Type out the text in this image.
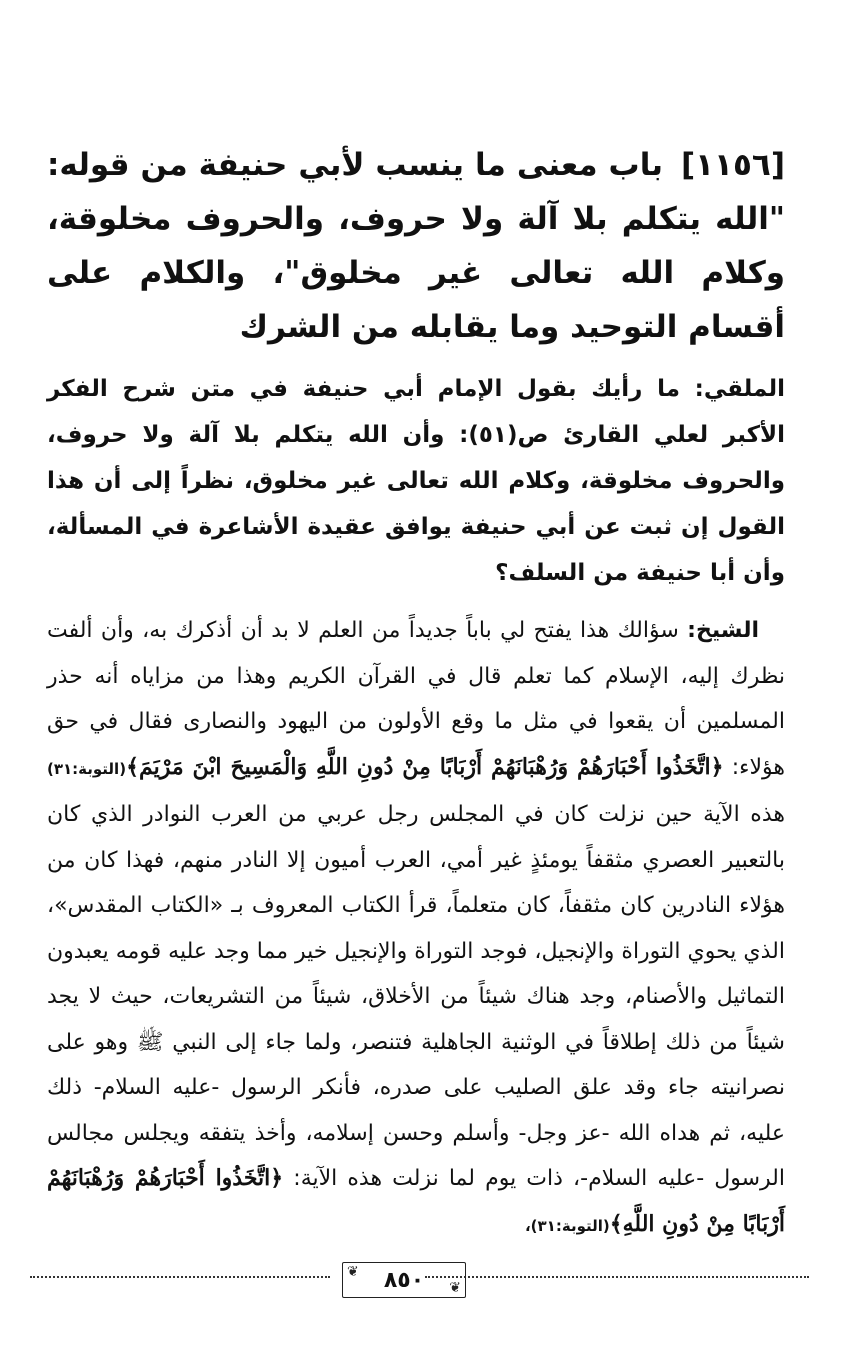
[١١٥٦]باب معنى ما ينسب لأبي حنيفة من قوله: "الله يتكلم بلا آلة ولا حروف، والحروف مخلوقة، وكلام الله تعالى غير مخلوق"، والكلام على أقسام التوحيد وما يقابله من الشرك
الملقي: ما رأيك بقول الإمام أبي حنيفة في متن شرح الفكر الأكبر لعلي القارئ ص(٥١): وأن الله يتكلم بلا آلة ولا حروف، والحروف مخلوقة، وكلام الله تعالى غير مخلوق، نظراً إلى أن هذا القول إن ثبت عن أبي حنيفة يوافق عقيدة الأشاعرة في المسألة، وأن أبا حنيفة من السلف؟

الشيخ: سؤالك هذا يفتح لي باباً جديداً من العلم لا بد أن أذكرك به، وأن ألفت نظرك إليه، الإسلام كما تعلم قال في القرآن الكريم وهذا من مزاياه أنه حذر المسلمين أن يقعوا في مثل ما وقع الأولون من اليهود والنصارى فقال في حق هؤلاء: ﴿اتَّخَذُوا أَحْبَارَهُمْ وَرُهْبَانَهُمْ أَرْبَابًا مِنْ دُونِ اللَّهِ وَالْمَسِيحَ ابْنَ مَرْيَمَ﴾(التوبة:٣١) هذه الآية حين نزلت كان في المجلس رجل عربي من العرب النوادر الذي كان بالتعبير العصري مثقفاً يومئذٍ غير أمي، العرب أميون إلا النادر منهم، فهذا كان من هؤلاء النادرين كان مثقفاً، كان متعلماً، قرأ الكتاب المعروف بـ «الكتاب المقدس»، الذي يحوي التوراة والإنجيل، فوجد التوراة والإنجيل خير مما وجد عليه قومه يعبدون التماثيل والأصنام، وجد هناك شيئاً من الأخلاق، شيئاً من التشريعات، حيث لا يجد شيئاً من ذلك إطلاقاً في الوثنية الجاهلية فتنصر، ولما جاء إلى النبي ﷺ وهو على نصرانيته جاء وقد علق الصليب على صدره، فأنكر الرسول -عليه السلام- ذلك عليه، ثم هداه الله -عز وجل- وأسلم وحسن إسلامه، وأخذ يتفقه ويجلس مجالس الرسول -عليه السلام-، ذات يوم لما نزلت هذه الآية: ﴿اتَّخَذُوا أَحْبَارَهُمْ وَرُهْبَانَهُمْ أَرْبَابًا مِنْ دُونِ اللَّهِ﴾(التوبة:٣١)،

❦
❦
٨٥٠
